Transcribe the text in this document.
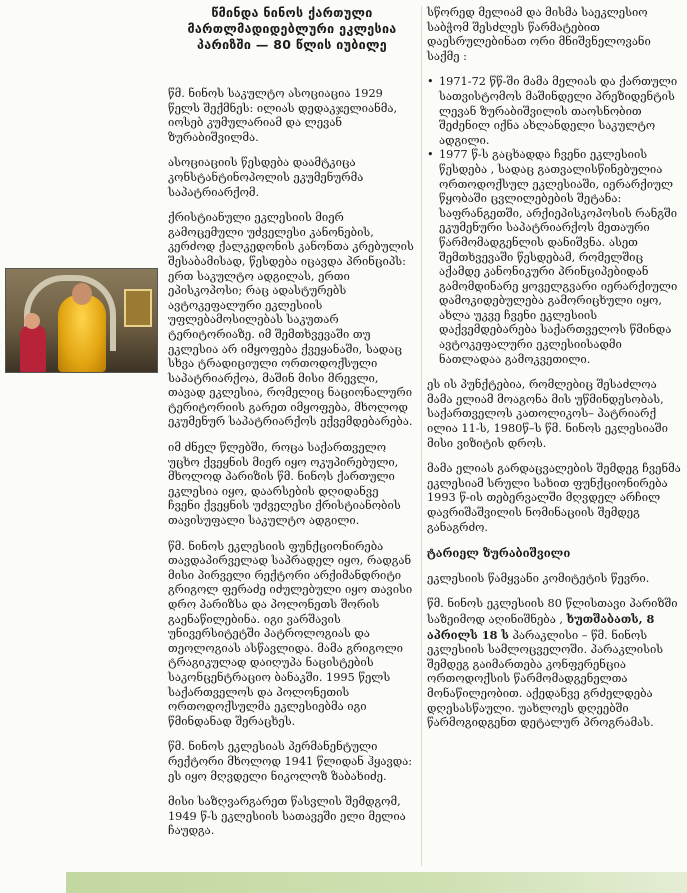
წმინდა ნინოს ქართული მართლმადიდებლური ეკლესია პარიზში — 80 წლის იუბილე

წმ. ნინოს საკულტო ასოციაცია 1929 წელს შექმნეს: ილიას დედაკჯელიანმა, იოსებ კუმულარიამ და ლევან ზურაბიშვილმა.

ასოციაციის წესდება დაამტკიცა კონსტანტინოპოლის ეკუმენურმა საპატრიარქომ.

ქრისტიანული ეკლესიის მიერ გამოცემული უძველესი კანონების, კერძოდ ქალკედონის კანონთა კრებულის შესაბამისად, წესდება იცავდა პრინციპს: ერთ საკულტო ადგილას, ერთი ეპისკოპოსი; რაც ადასტურებს ავტოკეფალური ეკლესიის უფლებამოსილებას საკუთარ ტერიტორიაზე. იმ შემთხვევაში თუ ეკლესია არ იმყოფება ქვეყანაში, სადაც სხვა ტრადიციული ორთოდოქსული საპატრიარქოა, მაშინ მისი მრევლი, თავად ეკლესია, რომელიც ნაციონალური ტერიტორიის გარეთ იმყოფება, მხოლოდ ეკუმენურ საპატრიარქოს ექვემდებარება.

იმ ძნელ წლებში, როცა საქართველო უცხო ქვეყნის მიერ იყო ოკუპირებული, მხოლოდ პარიზის წმ. ნინოს ქართული ეკლესია იყო, დაარსების დღიდანვე ჩვენი ქვეყნის უძველესი ქრისტიანობის თავისუფალი საკულტო ადგილი.

წმ. ნინოს ეკლესიის ფუნქციონირება თავდაპირველად საპრადელ იყო, რადგან მისი პირველი რექტორი არქიმანდრიტი გრიგოლ ფერაძე იძულებული იყო თავისი დრო პარიზსა და პოლონეთს შორის გაენაწილებინა. იგი ვარშავის უნივერსიტეტში პატროლოგიას და თეოლოგიას ასწავლიდა. მამა გრიგოლი ტრაგიკულად დაიღუპა ნაცისტების საკონცენტრაციო ბანაკში. 1995 წელს საქართველოს და პოლონეთის ორთოდოქსულმა ეკლესიებმა იგი წმინდანად შერაცხეს.

წმ. ნინოს ეკლესიას პერმანენტული რექტორი მხოლოდ 1941 წლიდან ჰყავდა: ეს იყო მღვდელი ნიკოლოზ ზაბახიძე.

მისი საზღვარგარეთ წასვლის შემდგომ, 1949 წ-ს ეკლესიის სათავეში ელი მელია ჩაუდგა.

სწორედ მელიამ და მისმა საეკლესიო საბჭომ შესძლეს წარმატებით დაესრულებინათ ორი მნიშვნელოვანი საქმე :

• 1971-72 წწ-ში მამა მელიას და ქართული სათვისტომოს მაშინდელი პრეზიდენტის ლევან ზურაბიშვილის თაოსნობით შეძენილ იქნა ახლანდელი საკულტო ადგილი.
• 1977 წ-ს გაცხადდა ჩვენი ეკლესიის წესდება , სადაც გათვალისწინებულია ორთოდოქსულ ეკლესიაში, იერარქიულ წყობაში ცვლილებების შეტანა: საფრანგეთში, არქიეპისკოპოსის რანგში ეკუმენური საპატრიარქოს მეთაური წარმომადგენლის დანიშვნა. ასეთ შემთხვევაში წესდებამ, რომელშიც აქამდე კანონიკური პრინციპებიდან გამომდინარე ყოველგვარი იერარქიული დამოკიდებულება გამორიცხული იყო, ახლა უკვე ჩვენი ეკლესიის დაქვემდებარება საქართველოს წმინდა ავტოკეფალური ეკლესიისადმი ნათლადაა გამოკვეთილი.

ეს ის პუნქტებია, რომლებიც შესაძლოა მამა ელიამ მოაგონა მის უწმინდესობას, საქართველოს კათოლიკოს– პატრიარქ ილია 11-ს, 1980წ–ს წმ. ნინოს ეკლესიაში მისი ვიზიტის დროს.

მამა ელიას გარდაცვალების შემდეგ ჩვენმა ეკლესიამ სრული სახით ფუნქციონირება 1993 წ-ის თებერვალში მღვდელ არჩილ დავრიშაშვილის ნომინაციის შემდეგ განაგრძო.

ტარიელ ზურაბიშვილი

ეკლესიის წამყვანი კომიტეტის წევრი.

წმ. ნინოს ეკლესიის 80 წლისთავი პარიზში საზეიმოდ აღინიშნება , ხუთშაბათს, 8 აპრილს 18 ს პარაკლისი – წმ. ნინოს ეკლესიის სამლოცველოში. პარაკლისის შემდეგ გაიმართება კონფერენცია ორთოდოქსის წარმომადგენელთა მონაწილეობით. აქედანვე გრძელდება დღესასწაული. უახლოეს დღეებში წარმოგიდგენთ დეტალურ პროგრამას.
